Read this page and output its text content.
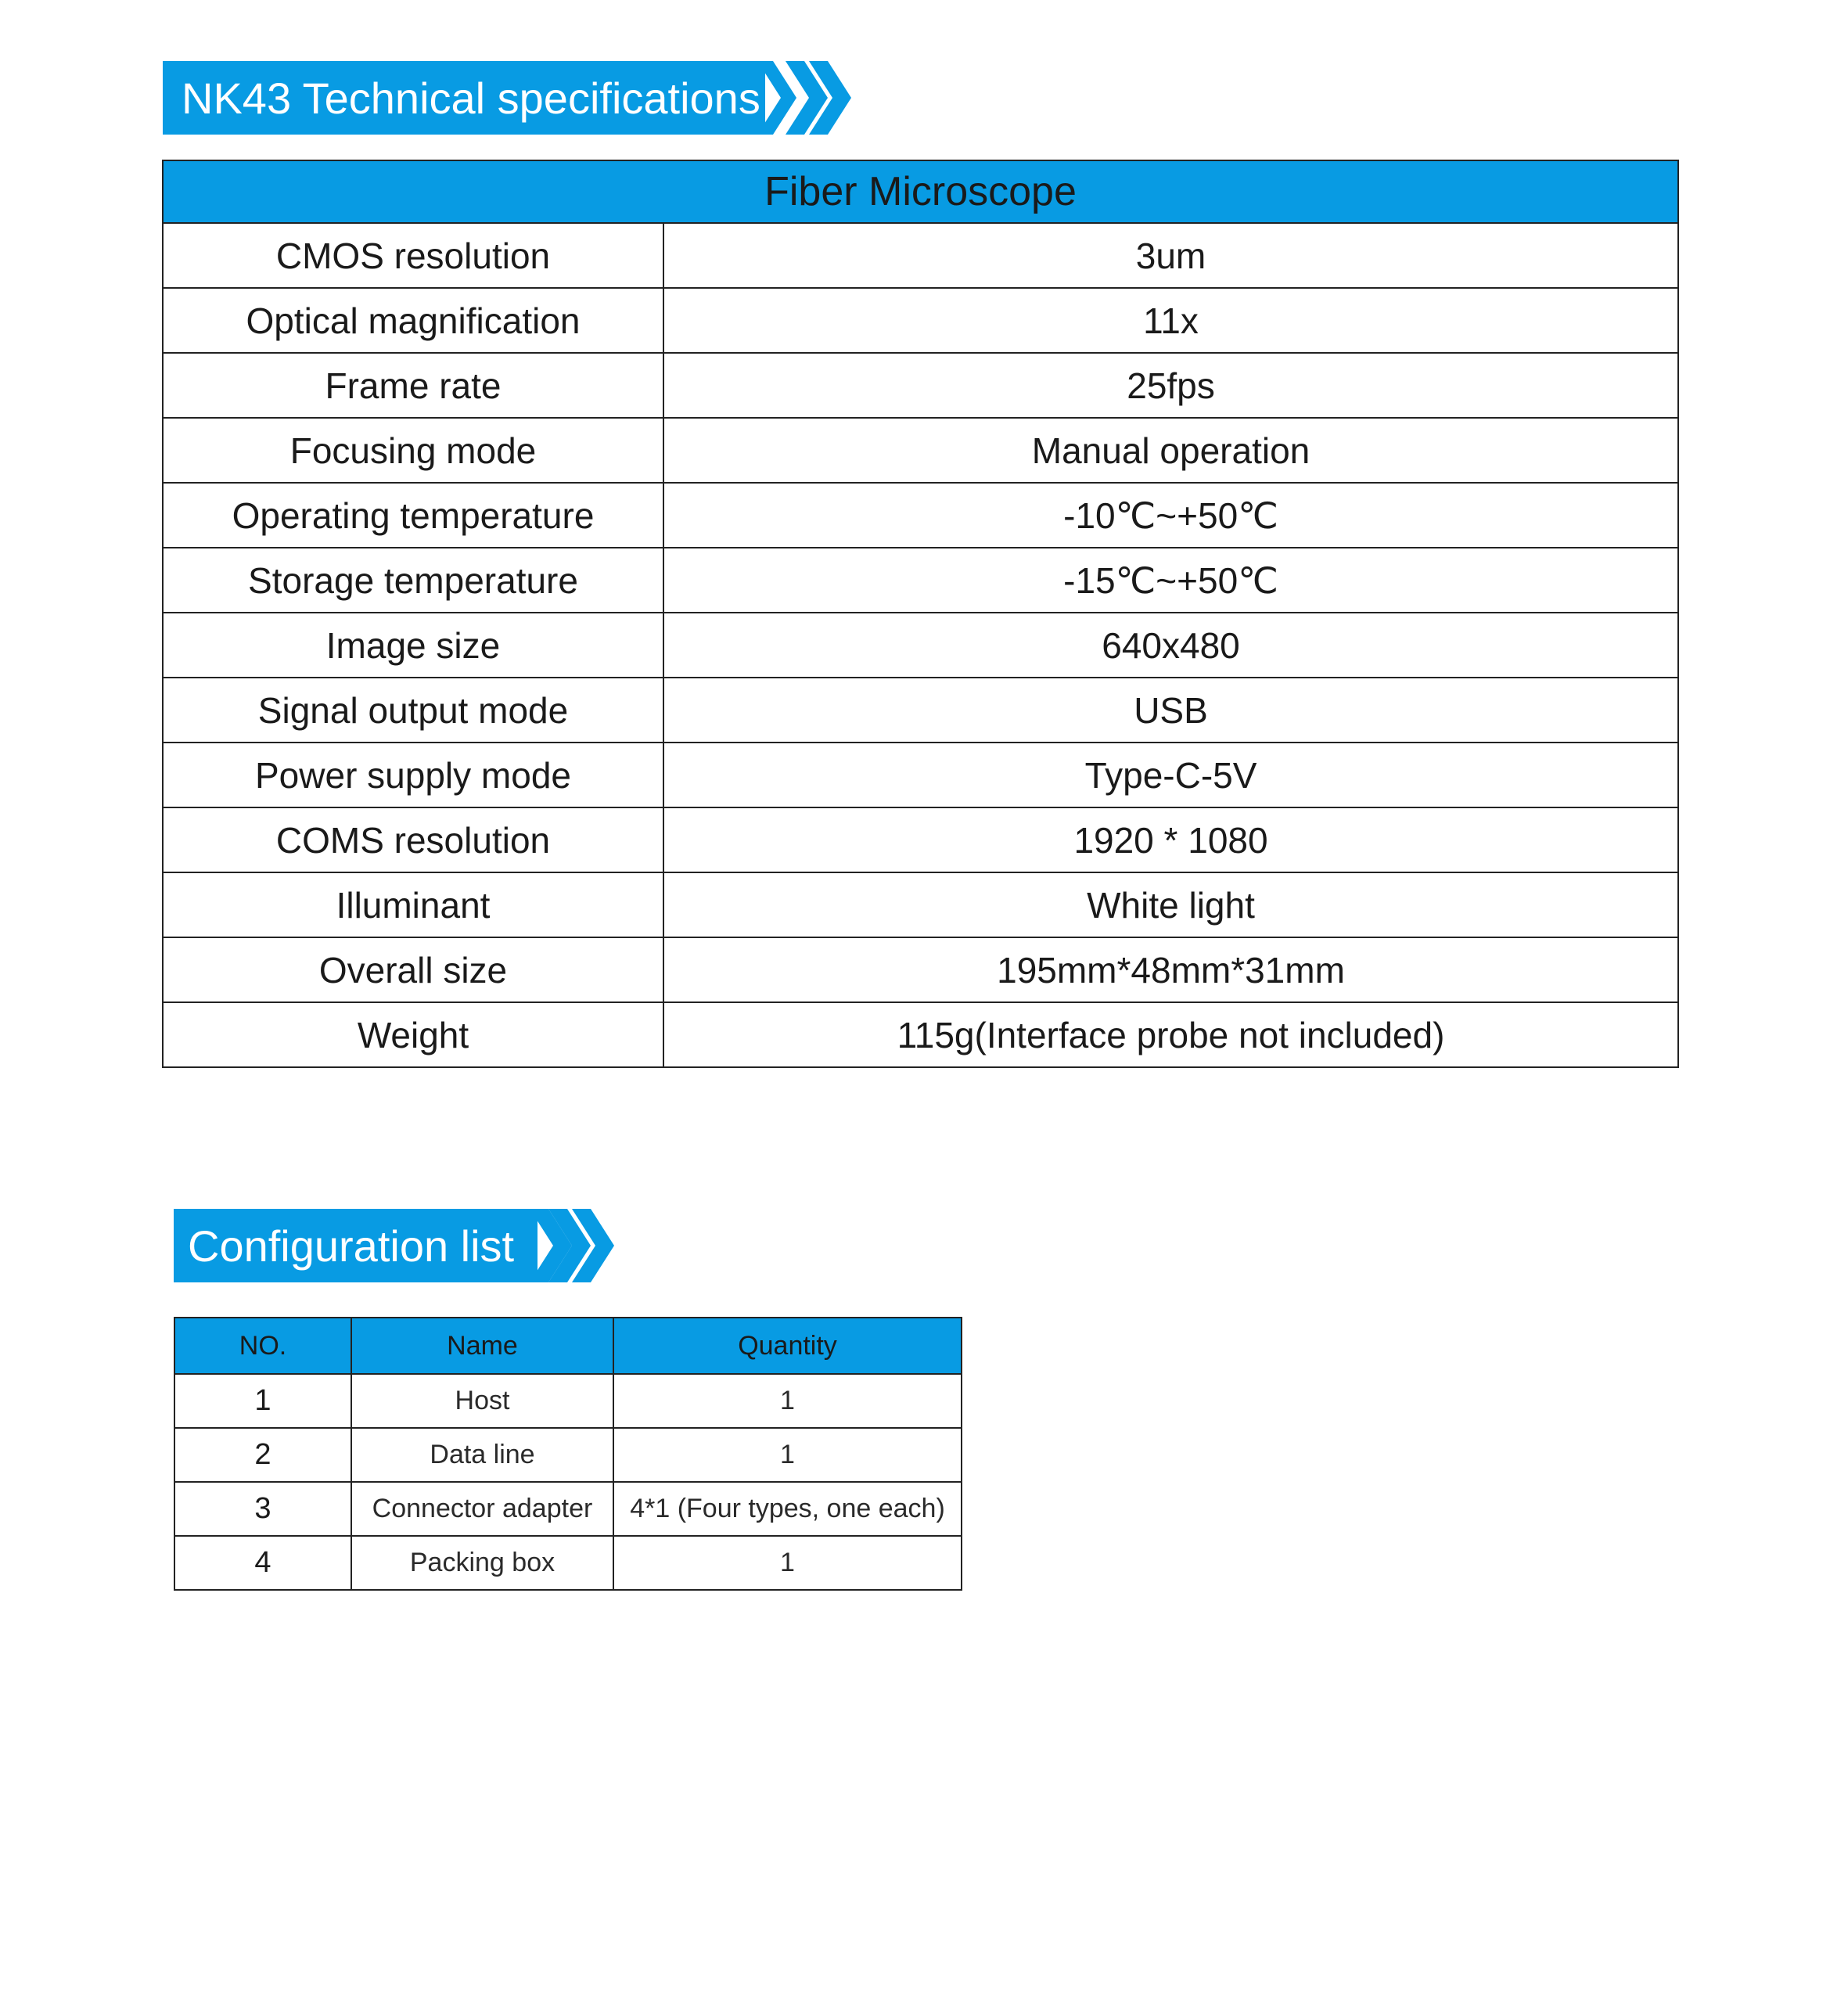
NK43 Technical specifications
Fiber Microscope	
CMOS resolution	3um
Optical magnification	11x
Frame rate	25fps
Focusing mode	Manual operation
Operating temperature	-10℃~+50℃
Storage temperature	-15℃~+50℃
Image size	640x480
Signal output mode	USB
Power supply mode	Type-C-5V
COMS resolution	1920 * 1080
Illuminant	White light
Overall size	195mm*48mm*31mm
Weight	115g(Interface probe not included)
Configuration list
NO.	Name	Quantity
1	Host	1
2	Data line	1
3	Connector adapter	4*1 (Four types, one each)
4	Packing box	1
